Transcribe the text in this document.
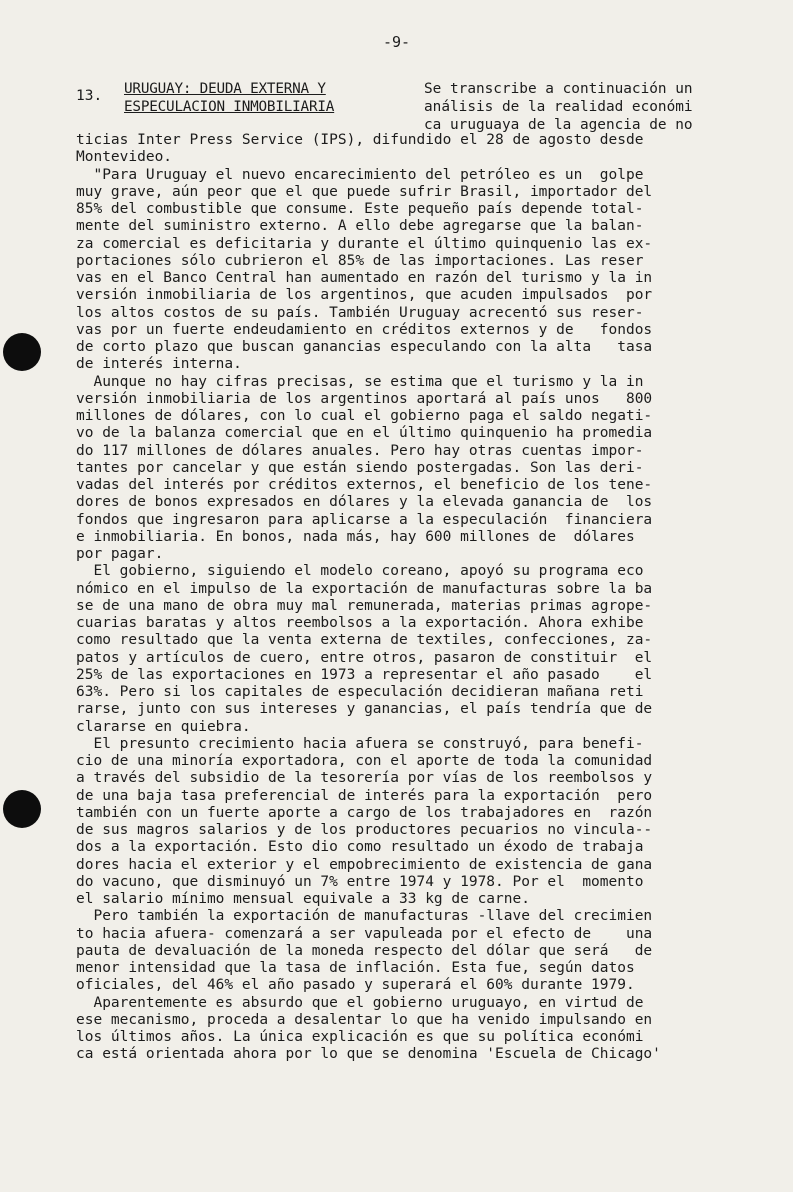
-9-
13. URUGUAY: DEUDA EXTERNA Y
ESPECULACION INMOBILIARIA
Se transcribe a continuación un
análisis de la realidad económi
ca uruguaya de la agencia de no
ticias Inter Press Service (IPS), difundido el 28 de agosto desde
Montevideo.
"Para Uruguay el nuevo encarecimiento del petróleo es un  golpe
muy grave, aún peor que el que puede sufrir Brasil, importador del
85% del combustible que consume. Este pequeño país depende total-
mente del suministro externo. A ello debe agregarse que la balan-
za comercial es deficitaria y durante el último quinquenio las ex-
portaciones sólo cubrieron el 85% de las importaciones. Las reser
vas en el Banco Central han aumentado en razón del turismo y la in
versión inmobiliaria de los argentinos, que acuden impulsados  por
los altos costos de su país. También Uruguay acrecentó sus reser-
vas por un fuerte endeudamiento en créditos externos y de   fondos
de corto plazo que buscan ganancias especulando con la alta   tasa
de interés interna.
Aunque no hay cifras precisas, se estima que el turismo y la in
versión inmobiliaria de los argentinos aportará al país unos   800
millones de dólares, con lo cual el gobierno paga el saldo negati-
vo de la balanza comercial que en el último quinquenio ha promedia
do 117 millones de dólares anuales. Pero hay otras cuentas impor-
tantes por cancelar y que están siendo postergadas. Son las deri-
vadas del interés por créditos externos, el beneficio de los tene-
dores de bonos expresados en dólares y la elevada ganancia de  los
fondos que ingresaron para aplicarse a la especulación  financiera
e inmobiliaria. En bonos, nada más, hay 600 millones de  dólares
por pagar.
El gobierno, siguiendo el modelo coreano, apoyó su programa eco
nómico en el impulso de la exportación de manufacturas sobre la ba
se de una mano de obra muy mal remunerada, materias primas agrope-
cuarias baratas y altos reembolsos a la exportación. Ahora exhibe
como resultado que la venta externa de textiles, confecciones, za-
patos y artículos de cuero, entre otros, pasaron de constituir  el
25% de las exportaciones en 1973 a representar el año pasado    el
63%. Pero si los capitales de especulación decidieran mañana reti
rarse, junto con sus intereses y ganancias, el país tendría que de
clararse en quiebra.
El presunto crecimiento hacia afuera se construyó, para benefi-
cio de una minoría exportadora, con el aporte de toda la comunidad
a través del subsidio de la tesorería por vías de los reembolsos y
de una baja tasa preferencial de interés para la exportación  pero
también con un fuerte aporte a cargo de los trabajadores en  razón
de sus magros salarios y de los productores pecuarios no vincula--
dos a la exportación. Esto dio como resultado un éxodo de trabaja
dores hacia el exterior y el empobrecimiento de existencia de gana
do vacuno, que disminuyó un 7% entre 1974 y 1978. Por el  momento
el salario mínimo mensual equivale a 33 kg de carne.
Pero también la exportación de manufacturas -llave del crecimien
to hacia afuera- comenzará a ser vapuleada por el efecto de    una
pauta de devaluación de la moneda respecto del dólar que será   de
menor intensidad que la tasa de inflación. Esta fue, según datos
oficiales, del 46% el año pasado y superará el 60% durante 1979.
Aparentemente es absurdo que el gobierno uruguayo, en virtud de
ese mecanismo, proceda a desalentar lo que ha venido impulsando en
los últimos años. La única explicación es que su política económi
ca está orientada ahora por lo que se denomina 'Escuela de Chicago'
